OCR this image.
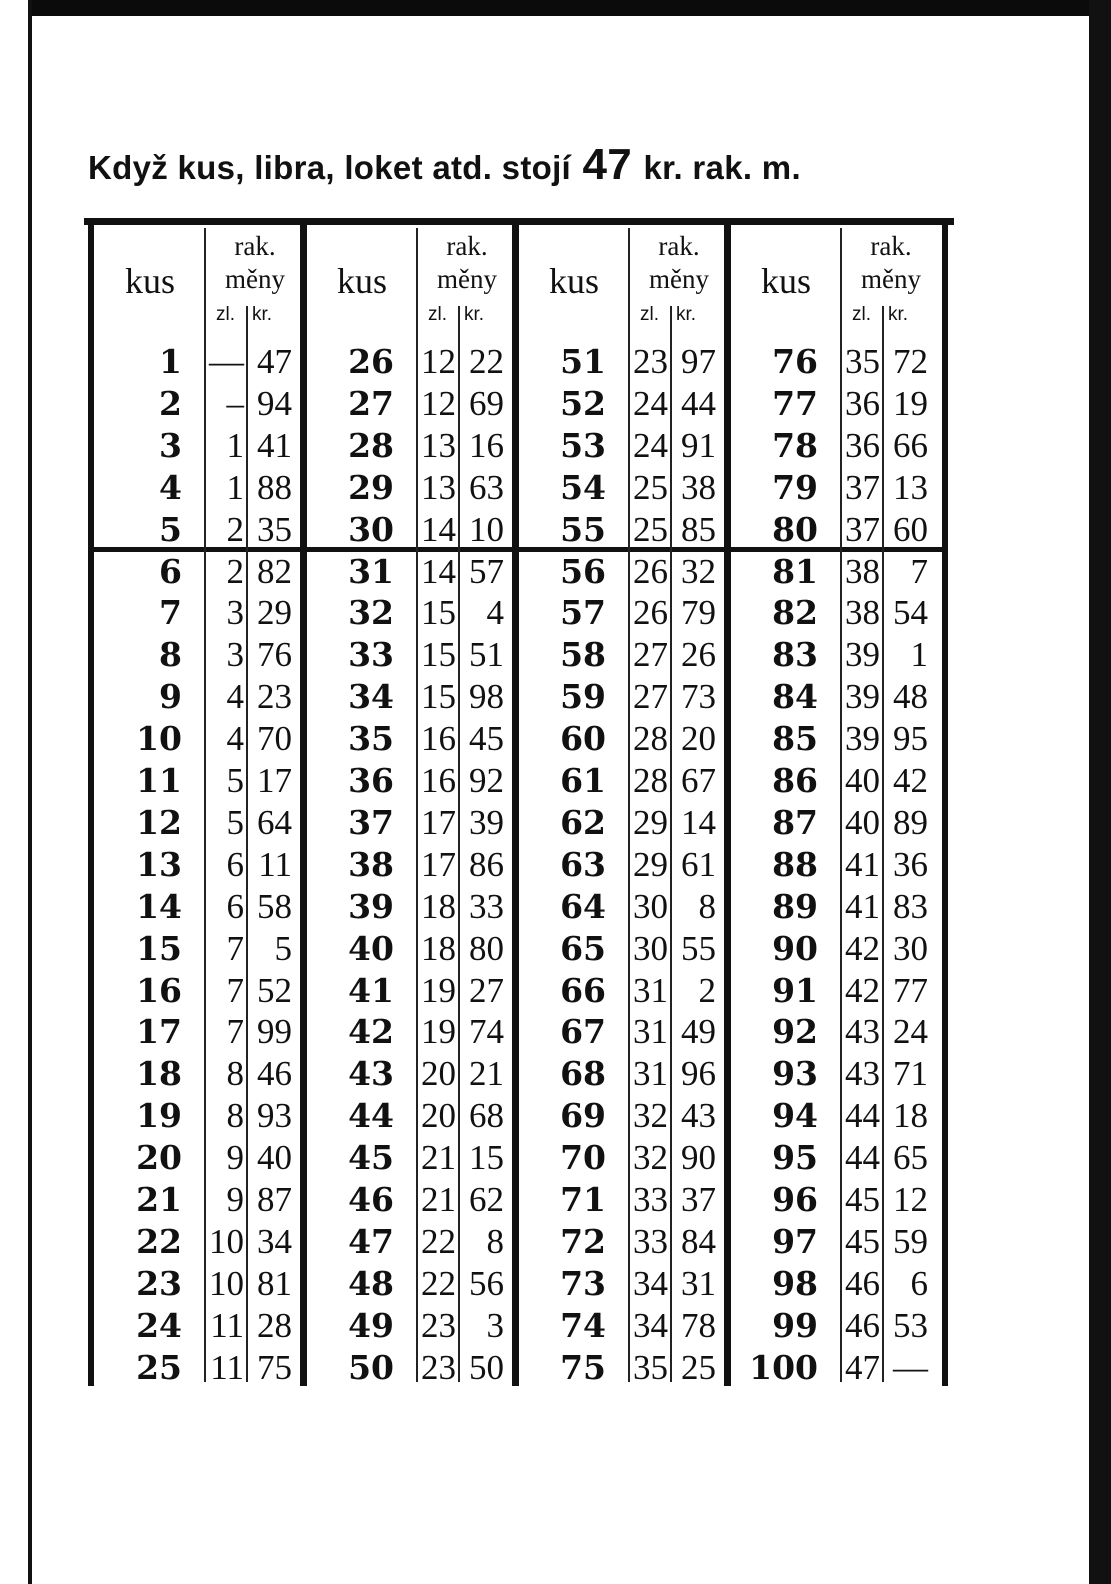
Když kus, libra, loket atd. stojí 47 kr. rak. m.
kus
rak.
měny
zl. kr.
1 — 47
2	– 94
3	1 41
4	1 88
5	2 35
6	2 82
7	3 29
8	3 76
9	4 23
10	4 70
11	5 17
12	5 64
13	6 11
14	6 58
15	7 5
16	7 52
17	7 99
18	8 46
19	8 93
20	9 40
21	9 87
22 10 34
23 10 81
24 11 28
25 11 75
kus
rak.
měny
zl. kr.
26 12 22
27 12 69
28 13 16
29 13 63
30 14 10
31 14 57
32 15 4
33 15 51
34 15 98
35 16 45
36 16 92
37 17 39
38 17 86
39 18 33
40 18 80
41 19 27
42 19 74
43 20 21
44 20 68
45 21 15
46 21 62
47 22 8
48 22 56
49 23 3
50 23 50
kus
rak.
měny
zl. kr.
51 23 97
52 24 44
53 24 91
54 25 38
55 25 85
56 26 32
57 26 79
58 27 26
59 27 73
60 28 20
61 28 67
62 29 14
63 29 61
64 30 8
65 30 55
66 31 2
67 31 49
68 31 96
69 32 43
70 32 90
71 33 37
72 33 84
73 34 31
74 34 78
75 35 25
kus
rak.
měny
zl. kr.
76 35 72
77 36 19
78 36 66
79 37 13
80 37 60
81 38 7
82 38 54
83 39 1
84 39 48
85 39 95
86 40 42
87 40 89
88 41 36
89 41 83
90 42 30
91 42 77
92 43 24
93 43 71
94 44 18
95 44 65
96 45 12
97 45 59
98 46 6
99 46 53
100 47 —
